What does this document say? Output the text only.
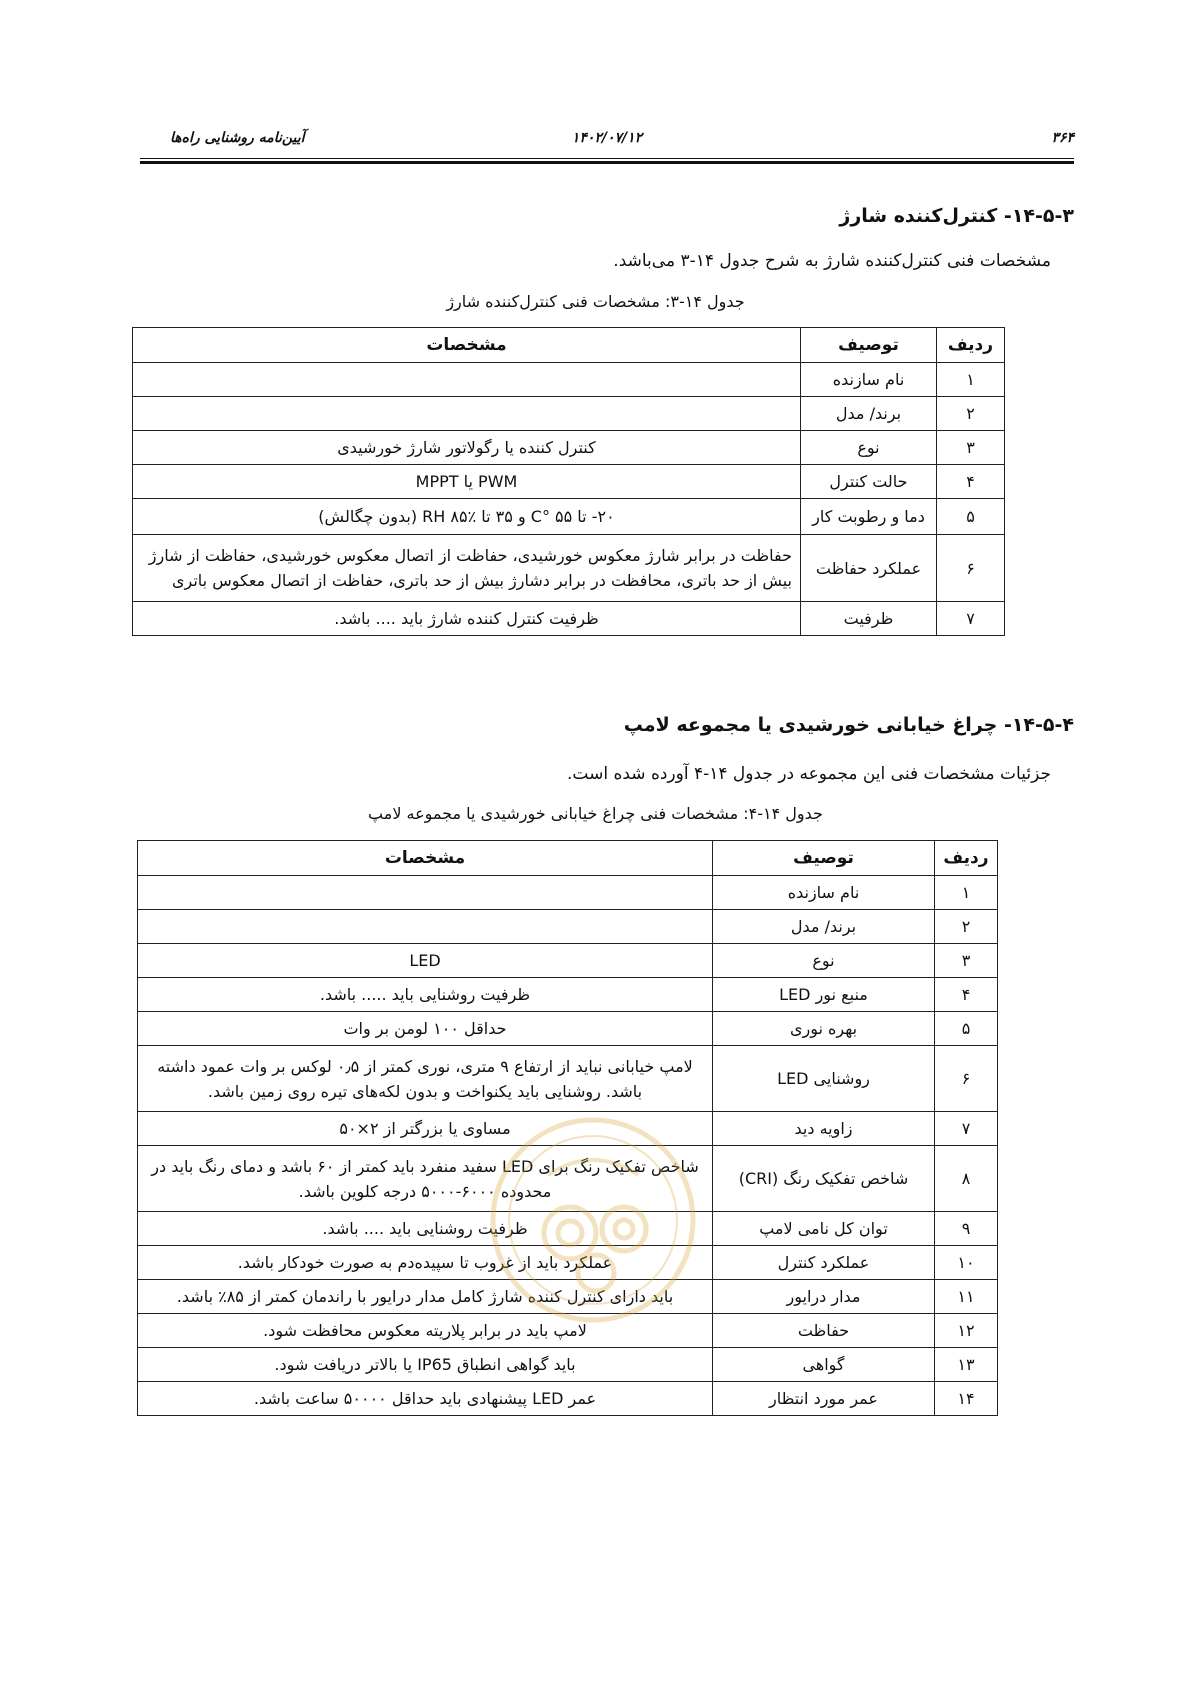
۳۶۴
۱۴۰۲/۰۷/۱۲
آیین‌نامه روشنایی راه‌ها
۱۴-۵-۳- کنترل‌کننده شارژ

مشخصات فنی کنترل‌کننده شارژ به شرح جدول ۱۴-۳ می‌باشد.

جدول ۱۴-۳: مشخصات فنی کنترل‌کننده شارژ

ردیف	توصیف	مشخصات
۱	نام سازنده	
۲	برند/ مدل	
۳	نوع	کنترل کننده یا رگولاتور شارژ خورشیدی
۴	حالت کنترل	PWM یا MPPT
۵	دما و رطوبت کار	۲۰- تا C° ۵۵ و ۳۵ تا RH ۸۵٪ (بدون چگالش)
۶	عملکرد حفاظت	حفاظت در برابر شارژ معکوس خورشیدی، حفاظت از اتصال معکوس خورشیدی، حفاظت از شارژ بیش از حد باتری، محافظت در برابر دشارژ بیش از حد باتری، حفاظت از اتصال معکوس باتری
۷	ظرفیت	ظرفیت کنترل کننده شارژ باید .... باشد.
۱۴-۵-۴- چراغ خیابانی خورشیدی یا مجموعه لامپ

جزئیات مشخصات فنی این مجموعه در جدول ۱۴-۴ آورده شده است.

جدول ۱۴-۴: مشخصات فنی چراغ خیابانی خورشیدی یا مجموعه لامپ

ردیف	توصیف	مشخصات
۱	نام سازنده	
۲	برند/ مدل	
۳	نوع	LED
۴	منبع نور LED	ظرفیت روشنایی باید ..... باشد.
۵	بهره نوری	حداقل ۱۰۰ لومن بر وات
۶	روشنایی LED	لامپ خیابانی نباید از ارتفاع ۹ متری، نوری کمتر از ۰٫۵ لوکس بر وات عمود داشته باشد. روشنایی باید یکنواخت و بدون لکه‌های تیره روی زمین باشد.
۷	زاویه دید	مساوی یا بزرگتر از ۲×۵۰
۸	شاخص تفکیک رنگ (CRI)	شاخص تفکیک رنگ برای LED سفید منفرد باید کمتر از ۶۰ باشد و دمای رنگ باید در محدوده ۶۰۰۰-۵۰۰۰ درجه کلوین باشد.
۹	توان کل نامی لامپ	ظرفیت روشنایی باید .... باشد.
۱۰	عملکرد کنترل	عملکرد باید از غروب تا سپیده‌دم به صورت خودکار باشد.
۱۱	مدار درایور	باید دارای کنترل کننده شارژ کامل مدار درایور با راندمان کمتر از ۸۵٪ باشد.
۱۲	حفاظت	لامپ باید در برابر پلاریته معکوس محافظت شود.
۱۳	گواهی	باید گواهی انطباق IP65 یا بالاتر دریافت شود.
۱۴	عمر مورد انتظار	عمر LED پیشنهادی باید حداقل ۵۰۰۰۰ ساعت باشد.
